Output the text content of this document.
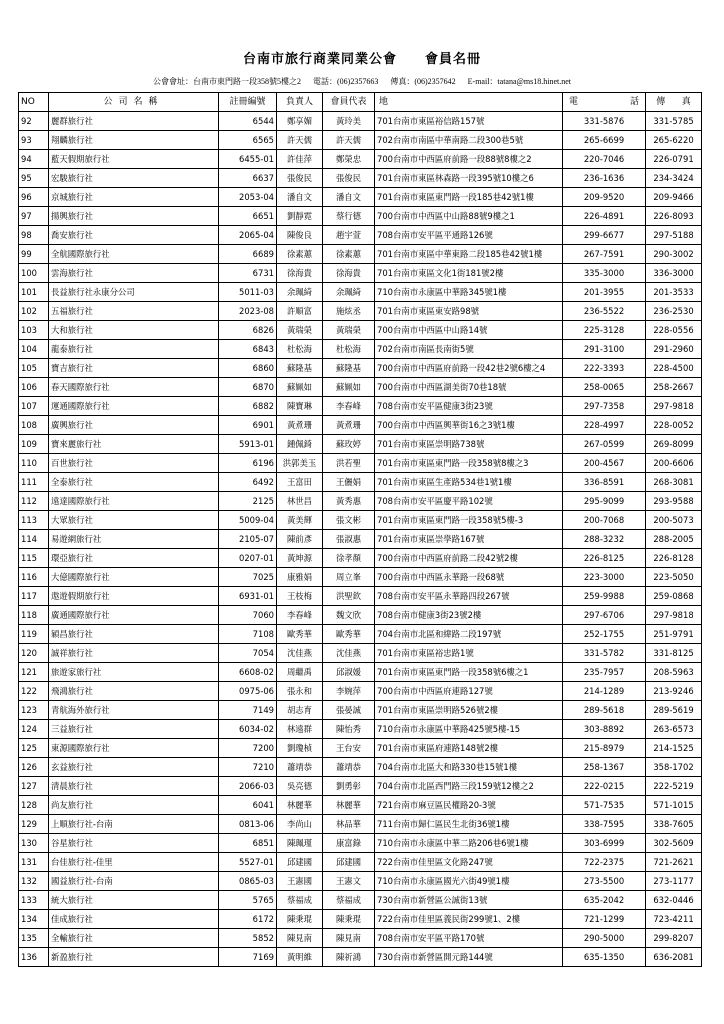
台南市旅行商業同業公會 會員名冊
公會會址：台南市東門路一段358號5樓之2 電話：(06)2357663 傳真：(06)2357642 E-mail：tatana@ms18.hinet.net
NO	公司名稱	註冊編號	負責人	會員代表	地	電 話	傳 真

92	麗群旅行社	6544	鄭享媚	黃玲美	701台南市東區裕信路157號	331-5876	331-5785
93	翔麟旅行社	6565	許天儒	許天儒	702台南市南區中華南路二段300巷5號	265-6699	265-6220
94	藍天假期旅行社	6455-01	許佳萍	鄭榮忠	700台南市中西區府前路一段88號8樓之2	220-7046	226-0791
95	宏駿旅行社	6637	張俊民	張俊民	701台南市東區林森路一段395號10樓之6	236-1636	234-3424
96	京城旅行社	2053-04	潘自文	潘自文	701台南市東區東門路一段185巷42號1樓	209-9520	209-9466
97	揚興旅行社	6651	劉靜霓	蔡行德	700台南市中西區中山路88號9樓之1	226-4891	226-8093
98	喬安旅行社	2065-04	陳俊良	趙宇萱	708台南市安平區平通路126號	299-6677	297-5188
99	全航國際旅行社	6689	徐素蕙	徐素蕙	701台南市東區中華東路二段185巷42號1樓	267-7591	290-3002
100	雲海旅行社	6731	徐海貴	徐海貴	701台南市東區文化1街181號2樓	335-3000	336-3000
101	長益旅行社永康分公司	5011-03	余珮綺	余珮綺	710台南市永康區中華路345號1樓	201-3955	201-3533
102	五福旅行社	2023-08	許順富	施炫丞	701台南市東區東安路98號	236-5522	236-2530
103	大和旅行社	6826	黃瑞榮	黃瑞榮	700台南市中西區中山路14號	225-3128	228-0556
104	龍泰旅行社	6843	杜松海	杜松海	702台南市南區長南街5號	291-3100	291-2960
105	寶吉旅行社	6860	蘇隆基	蘇隆基	700台南市中西區府前路一段42巷2號6樓之4	222-3393	228-4500
106	春天國際旅行社	6870	蘇姵如	蘇姵如	700台南市中西區湖美街70巷18號	258-0065	258-2667
107	運通國際旅行社	6882	陳寶琳	李春峰	708台南市安平區健康3街23號	297-7358	297-9818
108	廣興旅行社	6901	黃煮珊	黃煮珊	700台南市中西區興華街16之3號1樓	228-4997	228-0052
109	寶來麗旅行社	5913-01	鍾佩錡	蘇玫婷	701台南市東區崇明路738號	267-0599	269-8099
110	百世旅行社	6196	洪郭美玉	洪若聖	701台南市東區東門路一段358號8樓之3	200-4567	200-6606
111	全泰旅行社	6492	王富田	王儷娟	701台南市東區生產路534巷1號1樓	336-8591	268-3081
112	遠達國際旅行社	2125	林世昌	黃秀惠	708台南市安平區慶平路102號	295-9099	293-9588
113	大眾旅行社	5009-04	黃美輝	張文彬	701台南市東區東門路一段358號5樓-3	200-7068	200-5073
114	易遊網旅行社	2105-07	陳前彥	張淑惠	701台南市東區崇學路167號	288-3232	288-2005
115	環亞旅行社	0207-01	黃坤源	徐孝顏	700台南市中西區府前路二段42號2樓	226-8125	226-8128
116	大億國際旅行社	7025	康雅娟	周立峯	700台南市中西區永華路一段68號	223-3000	223-5050
117	遨遊假期旅行社	6931-01	王枝梅	洪聖欽	708台南市安平區永華路四段267號	259-9988	259-0868
118	廣通國際旅行社	7060	李春峰	魏文欣	708台南市健康3街23號2樓	297-6706	297-9818
119	穎昌旅行社	7108	歐秀華	歐秀華	704台南市北區和緯路二段197號	252-1755	251-9791
120	誠祥旅行社	7054	沈佳燕	沈佳燕	701台南市東區裕忠路1號	331-5782	331-8125
121	旅遊家旅行社	6608-02	周繼禹	邱淑媛	701台南市東區東門路一段358號6樓之1	235-7957	208-5963
122	飛鴻旅行社	0975-06	張永和	李婉萍	700台南市中西區府連路127號	214-1289	213-9246
123	青航海外旅行社	7149	胡志育	張晏誠	701台南市東區崇明路526號2樓	289-5618	289-5619
124	三益旅行社	6034-02	林遠群	陳怡秀	710台南市永康區中華路425號5樓-15	303-8892	263-6573
125	東源國際旅行社	7200	劉瓊楨	王台安	701台南市東區府連路148號2樓	215-8979	214-1525
126	玄益旅行社	7210	蕭靖恭	蕭靖恭	704台南市北區大和路330巷15號1樓	258-1367	358-1702
127	清晨旅行社	2066-03	吳亮德	劉勇彰	704台南市北區西門路三段159號12樓之2	222-0215	222-5219
128	尚友旅行社	6041	林麗華	林麗華	721台南市麻豆區民權路20-3號	571-7535	571-1015
129	上順旅行社-台南	0813-06	李尚山	林品華	711台南市歸仁區民生北街36號1樓	338-7595	338-7605
130	谷星旅行社	6851	陳珮瑾	康富錄	710台南市永康區中華二路206巷6號1樓	303-6999	302-5609
131	台佳旅行社-佳里	5527-01	邱建國	邱建國	722台南市佳里區文化路247號	722-2375	721-2621
132	國益旅行社-台南	0865-03	王憲國	王憲文	710台南市永康區國光六街49號1樓	273-5500	273-1177
133	統大旅行社	5765	蔡福成	蔡福成	730台南市新營區公誠街13號	635-2042	632-0446
134	佳成旅行社	6172	陳秉琨	陳秉琨	722台南市佳里區義民街299號1、2樓	721-1299	723-4211
135	全輸旅行社	5852	陳見南	陳見南	708台南市安平區平路170號	290-5000	299-8207
136	新盈旅行社	7169	黃明維	陳祈鴻	730台南市新營區開元路144號	635-1350	636-2081
